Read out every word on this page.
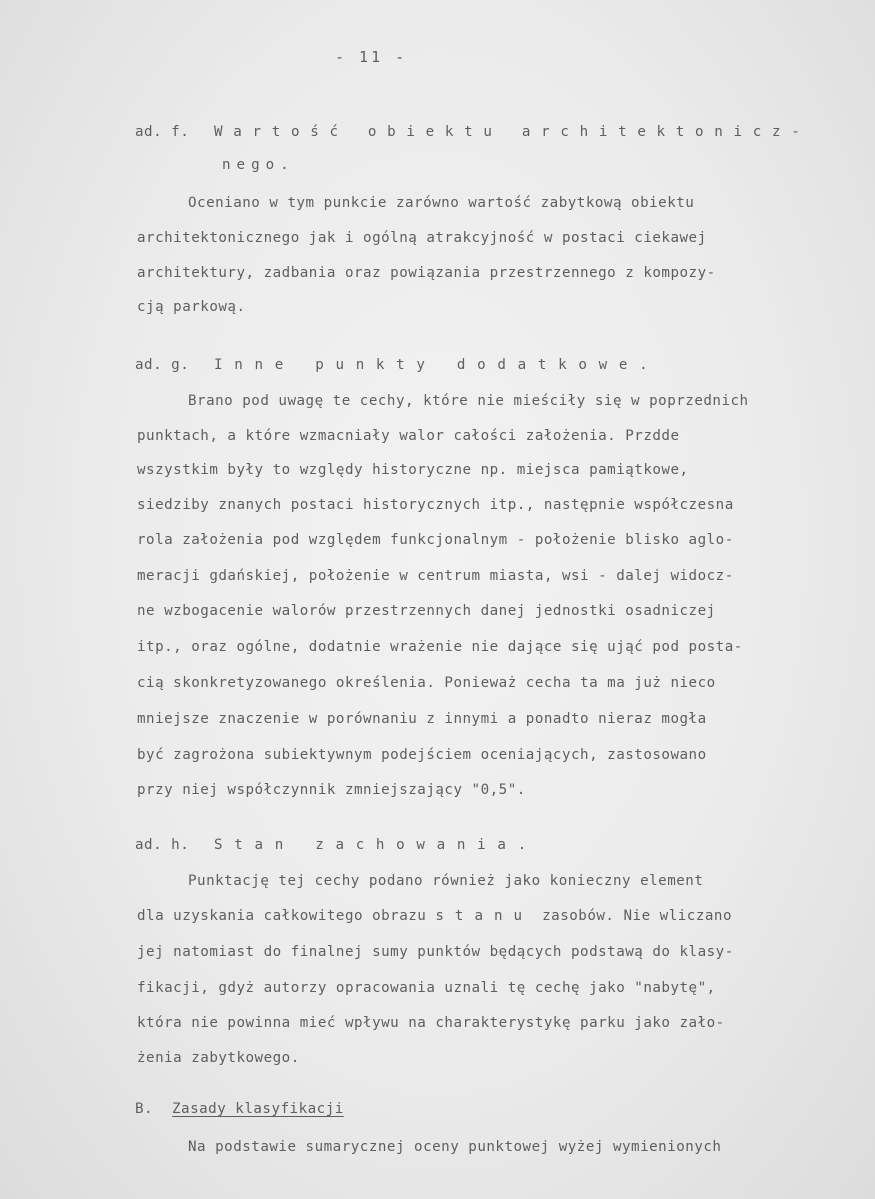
- 11 -
ad. f. Wartość obiektu architektonicz-
nego.
Oceniano w tym punkcie zarówno wartość zabytkową obiektu
architektonicznego jak i ogólną atrakcyjność w postaci ciekawej
architektury, zadbania oraz powiązania przestrzennego z kompozy-
cją parkową.
ad. g. Inne punkty dodatkowe.
Brano pod uwagę te cechy, które nie mieściły się w poprzednich
punktach, a które wzmacniały walor całości założenia. Przdde
wszystkim były to względy historyczne np. miejsca pamiątkowe,
siedziby znanych postaci historycznych itp., następnie współczesna
rola założenia pod względem funkcjonalnym - położenie blisko aglo-
meracji gdańskiej, położenie w centrum miasta, wsi - dalej widocz-
ne wzbogacenie walorów przestrzennych danej jednostki osadniczej
itp., oraz ogólne, dodatnie wrażenie nie dające się ująć pod posta-
cią skonkretyzowanego określenia. Ponieważ cecha ta ma już nieco
mniejsze znaczenie w porównaniu z innymi a ponadto nieraz mogła
być zagrożona subiektywnym podejściem oceniających, zastosowano
przy niej współczynnik zmniejszający "0,5".
ad. h. Stan zachowania.
Punktację tej cechy podano również jako konieczny element
dla uzyskania całkowitego obrazu stanu zasobów. Nie wliczano
jej natomiast do finalnej sumy punktów będących podstawą do klasy-
fikacji, gdyż autorzy opracowania uznali tę cechę jako "nabytę",
która nie powinna mieć wpływu na charakterystykę parku jako zało-
żenia zabytkowego.
B. Zasady klasyfikacji
Na podstawie sumarycznej oceny punktowej wyżej wymienionych
